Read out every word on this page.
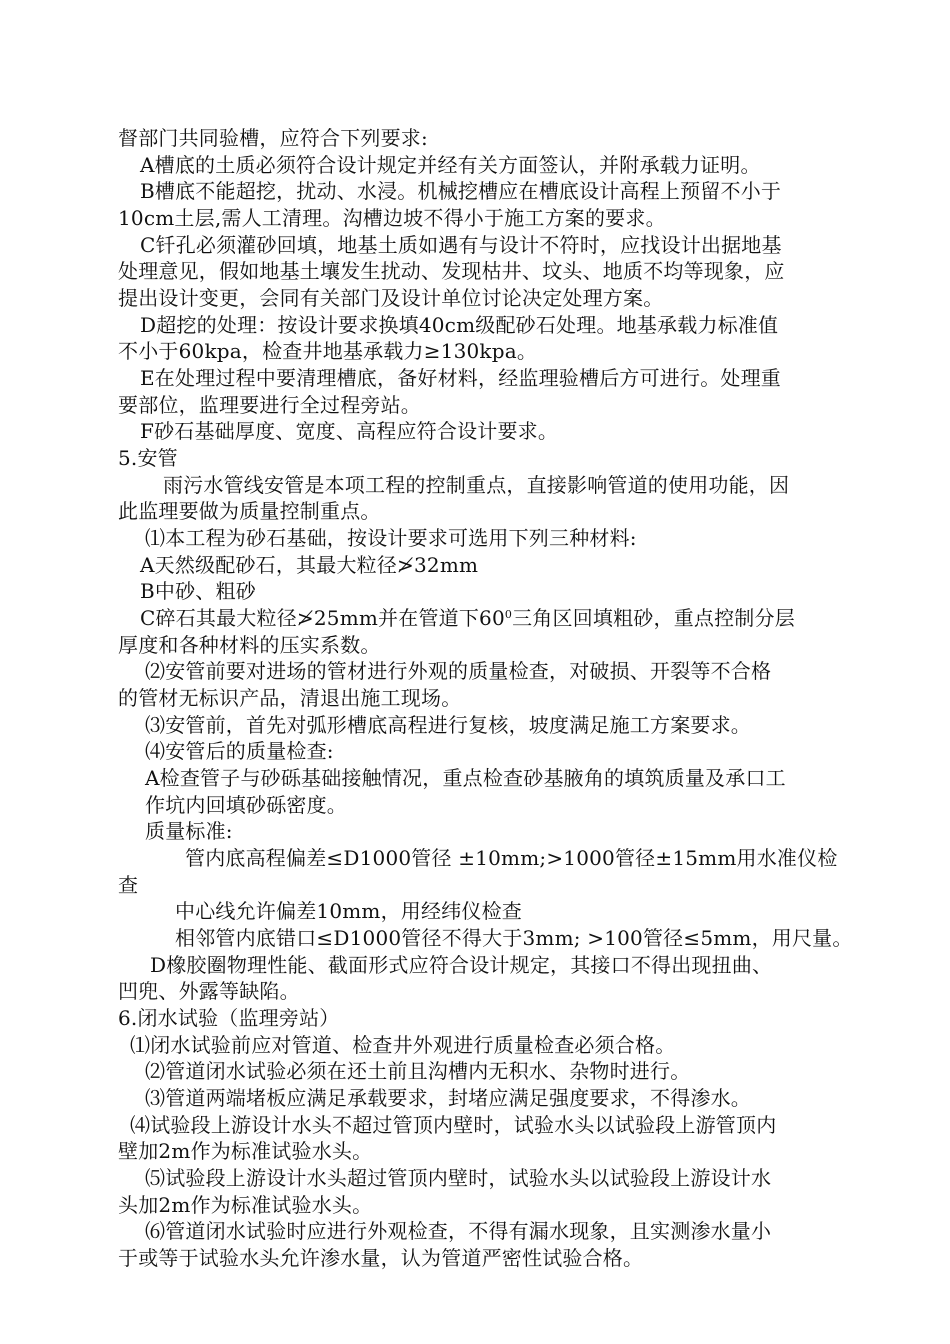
督部门共同验槽，应符合下列要求:
A槽底的土质必须符合设计规定并经有关方面签认，并附承载力证明。
B槽底不能超挖，扰动、水浸。机械挖槽应在槽底设计高程上预留不小于
10cm土层,需人工清理。沟槽边坡不得小于施工方案的要求。
C钎孔必须灌砂回填，地基土质如遇有与设计不符时，应找设计出据地基
处理意见，假如地基土壤发生扰动、发现枯井、坟头、地质不均等现象，应
提出设计变更，会同有关部门及设计单位讨论决定处理方案。
D超挖的处理：按设计要求换填40cm级配砂石处理。地基承载力标准值
不小于60kpa，检查井地基承载力≥130kpa。
E在处理过程中要清理槽底，备好材料，经监理验槽后方可进行。处理重
要部位，监理要进行全过程旁站。
F砂石基础厚度、宽度、高程应符合设计要求。
5.安管
雨污水管线安管是本项工程的控制重点，直接影响管道的使用功能，因
此监理要做为质量控制重点。
⑴本工程为砂石基础，按设计要求可选用下列三种材料:
A天然级配砂石，其最大粒径≯32mm
B中砂、粗砂
C碎石其最大粒径≯25mm并在管道下$60^0$三角区回填粗砂，重点控制分层
厚度和各种材料的压实系数。
⑵安管前要对进场的管材进行外观的质量检查，对破损、开裂等不合格
的管材无标识产品，清退出施工现场。
⑶安管前，首先对弧形槽底高程进行复核，坡度满足施工方案要求。
⑷安管后的质量检查:
A检查管子与砂砾基础接触情况，重点检查砂基腋角的填筑质量及承口工
作坑内回填砂砾密度。
质量标准:
管内底高程偏差≤D1000管径 ±10mm;>1000管径±15mm用水准仪检
查
中心线允许偏差10mm，用经纬仪检查
相邻管内底错口≤D1000管径不得大于3mm; >100管径≤5mm，用尺量。
D橡胶圈物理性能、截面形式应符合设计规定，其接口不得出现扭曲、
凹兜、外露等缺陷。
6.闭水试验（监理旁站）
⑴闭水试验前应对管道、检查井外观进行质量检查必须合格。
⑵管道闭水试验必须在还土前且沟槽内无积水、杂物时进行。
⑶管道两端堵板应满足承载要求，封堵应满足强度要求，不得渗水。
⑷试验段上游设计水头不超过管顶内壁时，试验水头以试验段上游管顶内
壁加2m作为标准试验水头。
⑸试验段上游设计水头超过管顶内壁时，试验水头以试验段上游设计水
头加2m作为标准试验水头。
⑹管道闭水试验时应进行外观检查，不得有漏水现象，且实测渗水量小
于或等于试验水头允许渗水量，认为管道严密性试验合格。
